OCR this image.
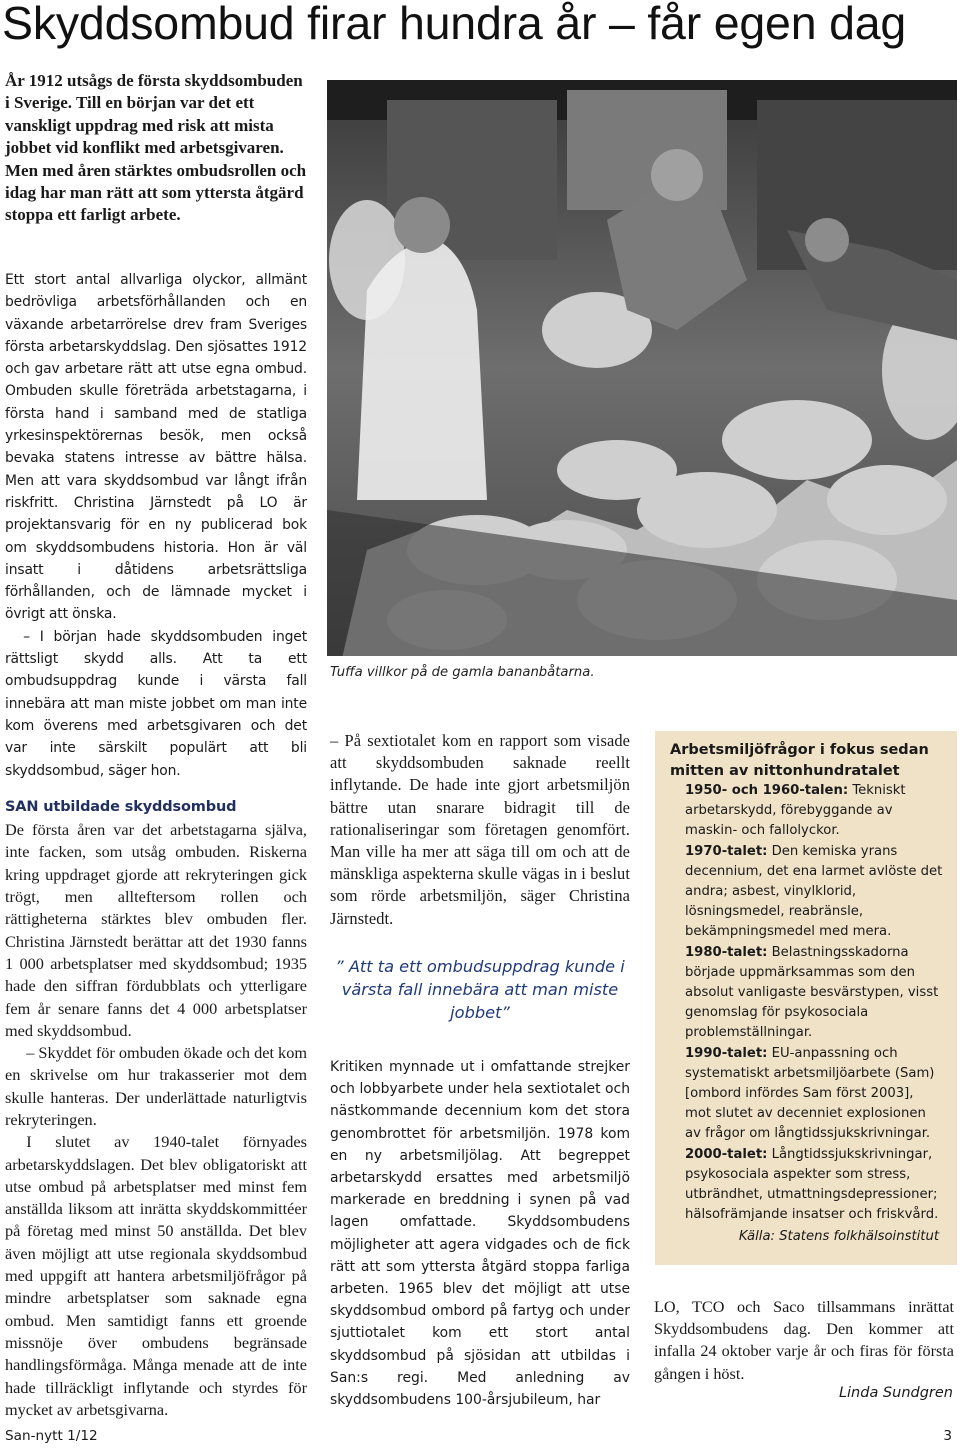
Skyddsombud firar hundra år – får egen dag
År 1912 utsågs de första skyddsombuden i Sverige. Till en början var det ett vanskligt uppdrag med risk att mista jobbet vid konflikt med arbetsgivaren. Men med åren stärktes ombudsrollen och idag har man rätt att som yttersta åtgärd stoppa ett farligt arbete.

Ett stort antal allvarliga olyckor, allmänt bedrövliga arbetsförhållanden och en växande arbetarrörelse drev fram Sveriges första arbetarskyddslag. Den sjösattes 1912 och gav arbetare rätt att utse egna ombud. Ombuden skulle företräda arbetstagarna, i första hand i samband med de statliga yrkesinspektörernas besök, men också bevaka statens intresse av bättre hälsa. Men att vara skyddsombud var långt ifrån riskfritt. Christina Järnstedt på LO är projektansvarig för en ny publicerad bok om skyddsombudens historia. Hon är väl insatt i dåtidens arbetsrättsliga förhållanden, och de lämnade mycket i övrigt att önska.

– I början hade skyddsombuden inget rättsligt skydd alls. Att ta ett ombudsuppdrag kunde i värsta fall innebära att man miste jobbet om man inte kom överens med arbetsgivaren och det var inte särskilt populärt att bli skyddsombud, säger hon.

SAN utbildade skyddsombud

De första åren var det arbetstagarna själva, inte facken, som utsåg ombuden. Riskerna kring uppdraget gjorde att rekryteringen gick trögt, men allteftersom rollen och rättigheterna stärktes blev ombuden fler. Christina Järnstedt berättar att det 1930 fanns 1 000 arbetsplatser med skyddsombud; 1935 hade den siffran fördubblats och ytterligare fem år senare fanns det 4 000 arbetsplatser med skyddsombud.

– Skyddet för ombuden ökade och det kom en skrivelse om hur trakasserier mot dem skulle hanteras. Der underlättade naturligtvis rekryteringen.

I slutet av 1940-talet förnyades arbetarskyddslagen. Det blev obligatoriskt att utse ombud på arbetsplatser med minst fem anställda liksom att inrätta skyddskommittéer på företag med minst 50 anställda. Det blev även möjligt att utse regionala skyddsombud med uppgift att hantera arbetsmiljöfrågor på mindre arbetsplatser som saknade egna ombud. Men samtidigt fanns ett groende missnöje över ombudens begränsade handlingsförmåga. Många menade att de inte hade tillräckligt inflytande och styrdes för mycket av arbetsgivarna.

Tuffa villkor på de gamla bananbåtarna.

– På sextiotalet kom en rapport som visade att skyddsombuden saknade reellt inflytande. De hade inte gjort arbetsmiljön bättre utan snarare bidragit till de rationaliseringar som företagen genomfört. Man ville ha mer att säga till om och att de mänskliga aspekterna skulle vägas in i beslut som rörde arbetsmiljön, säger Christina Järnstedt.

” Att ta ett ombudsuppdrag kunde i värsta fall innebära att man miste jobbet”
Kritiken mynnade ut i omfattande strejker och lobbyarbete under hela sextiotalet och nästkommande decennium kom det stora genombrottet för arbetsmiljön. 1978 kom en ny arbetsmiljölag. Att begreppet arbetarskydd ersattes med arbetsmiljö markerade en breddning i synen på vad lagen omfattade. Skyddsombudens möjligheter att agera vidgades och de fick rätt att som yttersta åtgärd stoppa farliga arbeten. 1965 blev det möjligt att utse skyddsombud ombord på fartyg och under sjuttiotalet kom ett stort antal skyddsombud på sjösidan att utbildas i San:s regi. Med anledning av skyddsombudens 100-årsjubileum, har
Arbetsmiljöfrågor i fokus sedan mitten av nittonhundratalet
1950- och 1960-talen: Tekniskt arbetarskydd, förebyggande av maskin- och fallolyckor.
1970-talet: Den kemiska yrans decennium, det ena larmet avlöste det andra; asbest, vinylklorid, lösningsmedel, reabränsle, bekämpningsmedel med mera.
1980-talet: Belastningsskadorna började uppmärksammas som den absolut vanligaste besvärstypen, visst genomslag för psykosociala problemställningar.
1990-talet: EU-anpassning och systematiskt arbetsmiljöarbete (Sam) [ombord infördes Sam först 2003], mot slutet av decenniet explosionen av frågor om långtidssjukskrivningar.
2000-talet: Långtidssjukskrivningar, psykosociala aspekter som stress, utbrändhet, utmattningsdepressioner; hälsofrämjande insatser och friskvård.
Källa: Statens folkhälsoinstitut
LO, TCO och Saco tillsammans inrättat Skyddsombudens dag. Den kommer att infalla 24 oktober varje år och firas för första gången i höst.
Linda Sundgren
San-nytt 1/12	3
